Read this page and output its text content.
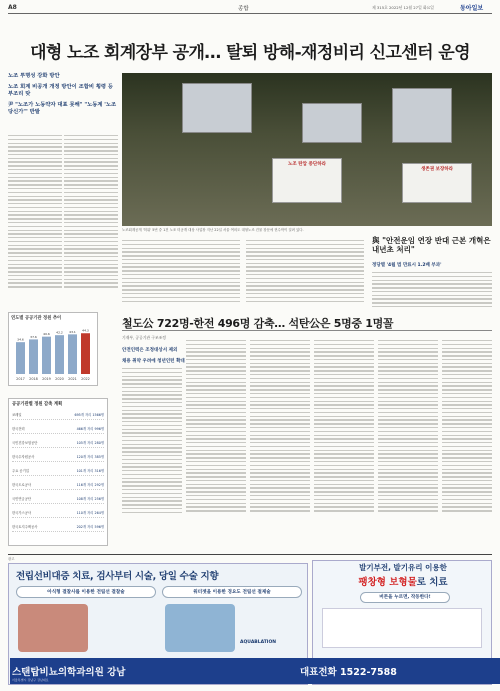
A8	종합	제 315호 2022년 12월 27일 화요일	동아일보
대형 노조 회계장부 공개… 탈퇴 방해-재정비리 신고센터 운영
노조 투명성 강화 방안
노조 회계 비공개 개정 방안이 조합비 횡령 등 부조리 탓
尹 "노조가 노동약자 대표 못해" "노동계 '노조 당신가'" 반발
노조 탄압 중단하라
생존권 보장하라
노조회계공개 '허위' 5번 중 1건 노조 미공개 대상 사업장 지난 22일 서울 여의도 대형노조 건물 창문에 현수막이 걸려 있다.
與 "안전운임 연장 반대 근본 개혁은 내년초 처리"
정당별 '4월 법 만료시 1.2배 부과'
연도별 공공기관 정원 추이
2017
34.6
2018
37.6
2019
40.6
2020
42.2
2021
43.1
2022
44.3
공공기관별 정원 감축 계획
코레일	695개 자리 1566명
한국전력	466개 자리 996명
국민건강보험공단	105개 자리 280명
한국수자원공사	120개 자리 385명
주요 공기업	101개 자리 316명
한국도로공사	116개 자리 292명
국민연금공단	108개 자리 256명
한국가스공사	110개 자리 264명
한국토지주택공사	202개 자리 596명
철도公 722명-한전 496명 감축… 석탄公은 5명중 1명꼴
기재부, 공공기관 구조조정
안전인력은 조정대상서 제외
채용 취약 우려에 청년인턴 확대
광고
전립선비대증 치료, 검사부터 시술, 당일 수술 지향
아식형 결찰사를 이용한 전립선 결찰술	워터젯을 이용한 경요도 전립선 절제술
AQUABLATION
발기부전, 발기유리 이용한
팽창형 보형물로 치료
버튼을 누르면, 작동한다!
스탠탑비뇨의학과의원 강남	대표전화 1522-7588
서울특별시 강남구 강남대로
